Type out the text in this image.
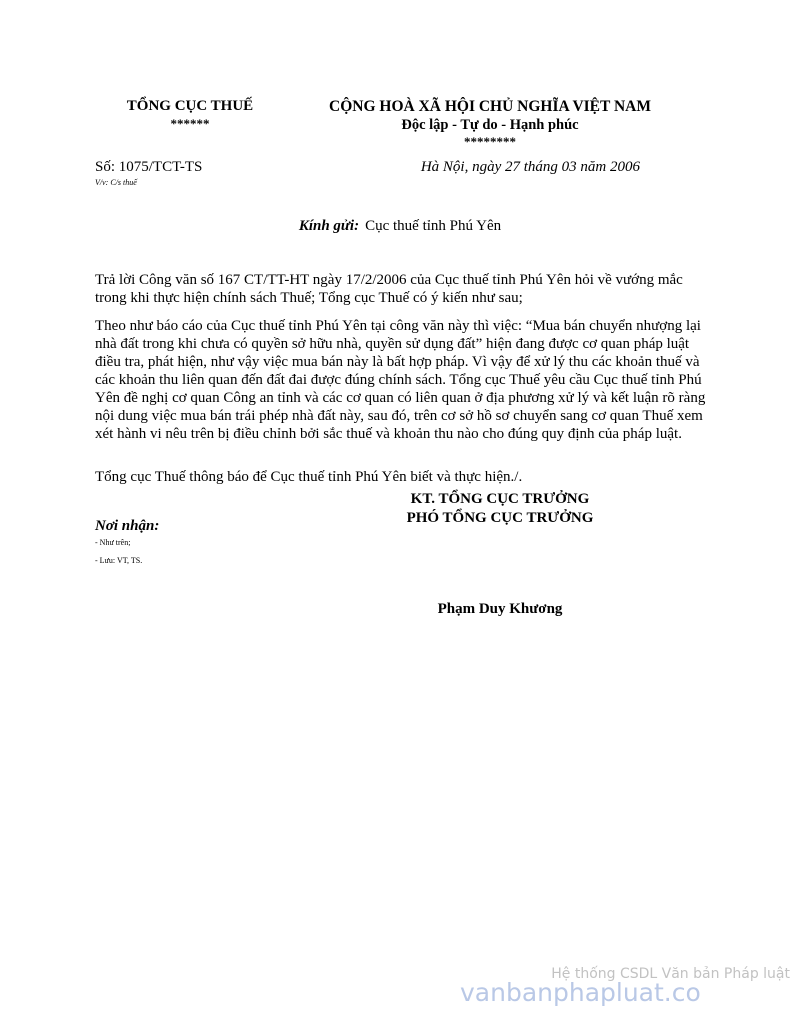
TỔNG CỤC THUẾ
******
CỘNG HOÀ XÃ HỘI CHỦ NGHĨA VIỆT NAM
Độc lập - Tự do - Hạnh phúc
********
Số: 1075/TCT-TS
V/v: C/s thuế
Hà Nội, ngày 27 tháng 03 năm 2006
Kính gửi: Cục thuế tỉnh Phú Yên

Trả lời Công văn số 167 CT/TT-HT ngày 17/2/2006 của Cục thuế tỉnh Phú Yên hỏi về vướng mắc trong khi thực hiện chính sách Thuế; Tổng cục Thuế có ý kiến như sau;

Theo như báo cáo của Cục thuế tỉnh Phú Yên tại công văn này thì việc: “Mua bán chuyển nhượng lại nhà đất trong khi chưa có quyền sở hữu nhà, quyền sử dụng đất” hiện đang được cơ quan pháp luật điều tra, phát hiện, như vậy việc mua bán này là bất hợp pháp. Vì vậy để xử lý thu các khoản thuế và các khoản thu liên quan đến đất đai được đúng chính sách. Tổng cục Thuế yêu cầu Cục thuế tỉnh Phú Yên đề nghị cơ quan Công an tỉnh và các cơ quan có liên quan ở địa phương xử lý và kết luận rõ ràng nội dung việc mua bán trái phép nhà đất này, sau đó, trên cơ sở hồ sơ chuyển sang cơ quan Thuế xem xét hành vi nêu trên bị điều chỉnh bởi sắc thuế và khoản thu nào cho đúng quy định của pháp luật.

Tổng cục Thuế thông báo để Cục thuế tỉnh Phú Yên biết và thực hiện./.

KT. TỔNG CỤC TRƯỞNG
PHÓ TỔNG CỤC TRƯỞNG
Nơi nhận:
- Như trên;
- Lưu: VT, TS.
Phạm Duy Khương
Hệ thống CSDL Văn bản Pháp luật
vanbanphapluat.co
